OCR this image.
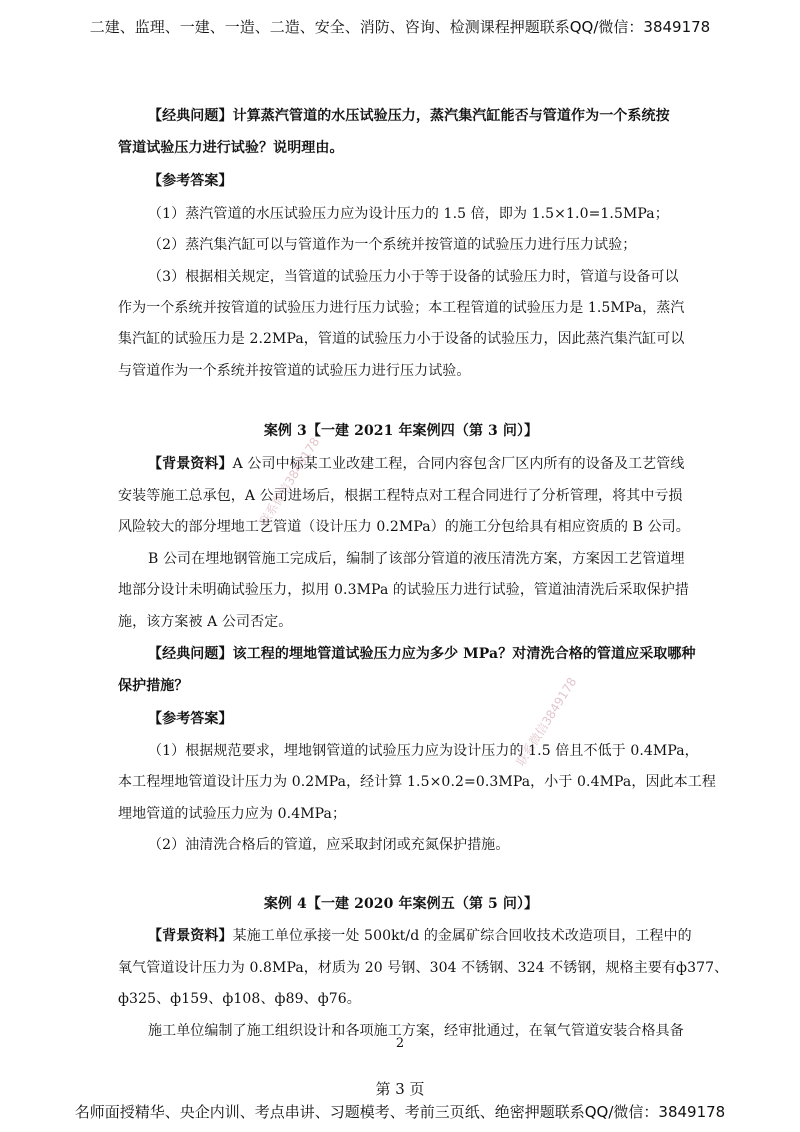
二建、监理、一建、一造、二造、安全、消防、咨询、检测课程押题联系QQ/微信：3849178
【经典问题】计算蒸汽管道的水压试验压力，蒸汽集汽缸能否与管道作为一个系统按
管道试验压力进行试验？说明理由。
【参考答案】
（1）蒸汽管道的水压试验压力应为设计压力的 1.5 倍，即为 1.5×1.0=1.5MPa；
（2）蒸汽集汽缸可以与管道作为一个系统并按管道的试验压力进行压力试验；
（3）根据相关规定，当管道的试验压力小于等于设备的试验压力时，管道与设备可以
作为一个系统并按管道的试验压力进行压力试验；本工程管道的试验压力是 1.5MPa，蒸汽
集汽缸的试验压力是 2.2MPa，管道的试验压力小于设备的试验压力，因此蒸汽集汽缸可以
与管道作为一个系统并按管道的试验压力进行压力试验。
案例 3【一建 2021 年案例四（第 3 问）】
【背景资料】A 公司中标某工业改建工程，合同内容包含厂区内所有的设备及工艺管线
安装等施工总承包，A 公司进场后，根据工程特点对工程合同进行了分析管理，将其中亏损
风险较大的部分埋地工艺管道（设计压力 0.2MPa）的施工分包给具有相应资质的 B 公司。
B 公司在埋地钢管施工完成后，编制了该部分管道的液压清洗方案，方案因工艺管道埋
地部分设计未明确试验压力，拟用 0.3MPa 的试验压力进行试验，管道油清洗后采取保护措
施，该方案被 A 公司否定。
【经典问题】该工程的埋地管道试验压力应为多少 MPa？对清洗合格的管道应采取哪种
保护措施？
【参考答案】
（1）根据规范要求，埋地钢管道的试验压力应为设计压力的 1.5 倍且不低于 0.4MPa，
本工程埋地管道设计压力为 0.2MPa，经计算 1.5×0.2=0.3MPa，小于 0.4MPa，因此本工程
埋地管道的试验压力应为 0.4MPa；
（2）油清洗合格后的管道，应采取封闭或充氮保护措施。
案例 4【一建 2020 年案例五（第 5 问）】
【背景资料】某施工单位承接一处 500kt/d 的金属矿综合回收技术改造项目，工程中的
氧气管道设计压力为 0.8MPa，材质为 20 号钢、304 不锈钢、324 不锈钢，规格主要有ф377、
ф325、ф159、ф108、ф89、ф76。
施工单位编制了施工组织设计和各项施工方案，经审批通过，在氧气管道安装合格具备
联系微信3849178
联系微信3849178
2
第 3 页
名师面授精华、央企内训、考点串讲、习题模考、考前三页纸、绝密押题联系QQ/微信：3849178
